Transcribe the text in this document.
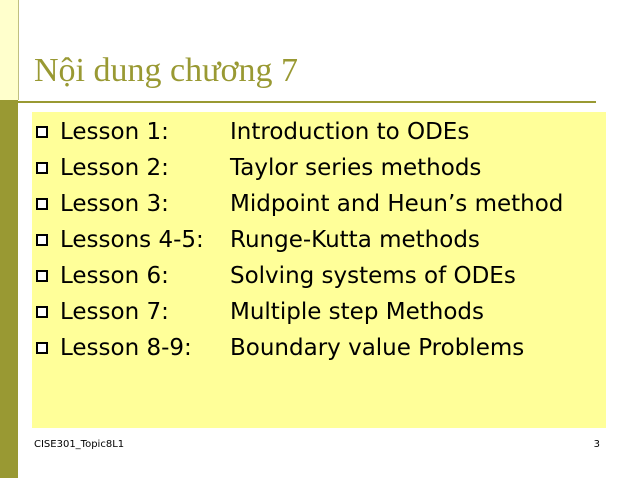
Nội dung chương 7
Lesson 1:	Introduction to ODEs
Lesson 2:	Taylor series methods
Lesson 3:	Midpoint and Heun’s method
Lessons 4-5:	Runge-Kutta methods
Lesson 6:	Solving systems of ODEs
Lesson 7:	Multiple step Methods
Lesson 8-9:	Boundary value Problems
CISE301_Topic8L1	3
